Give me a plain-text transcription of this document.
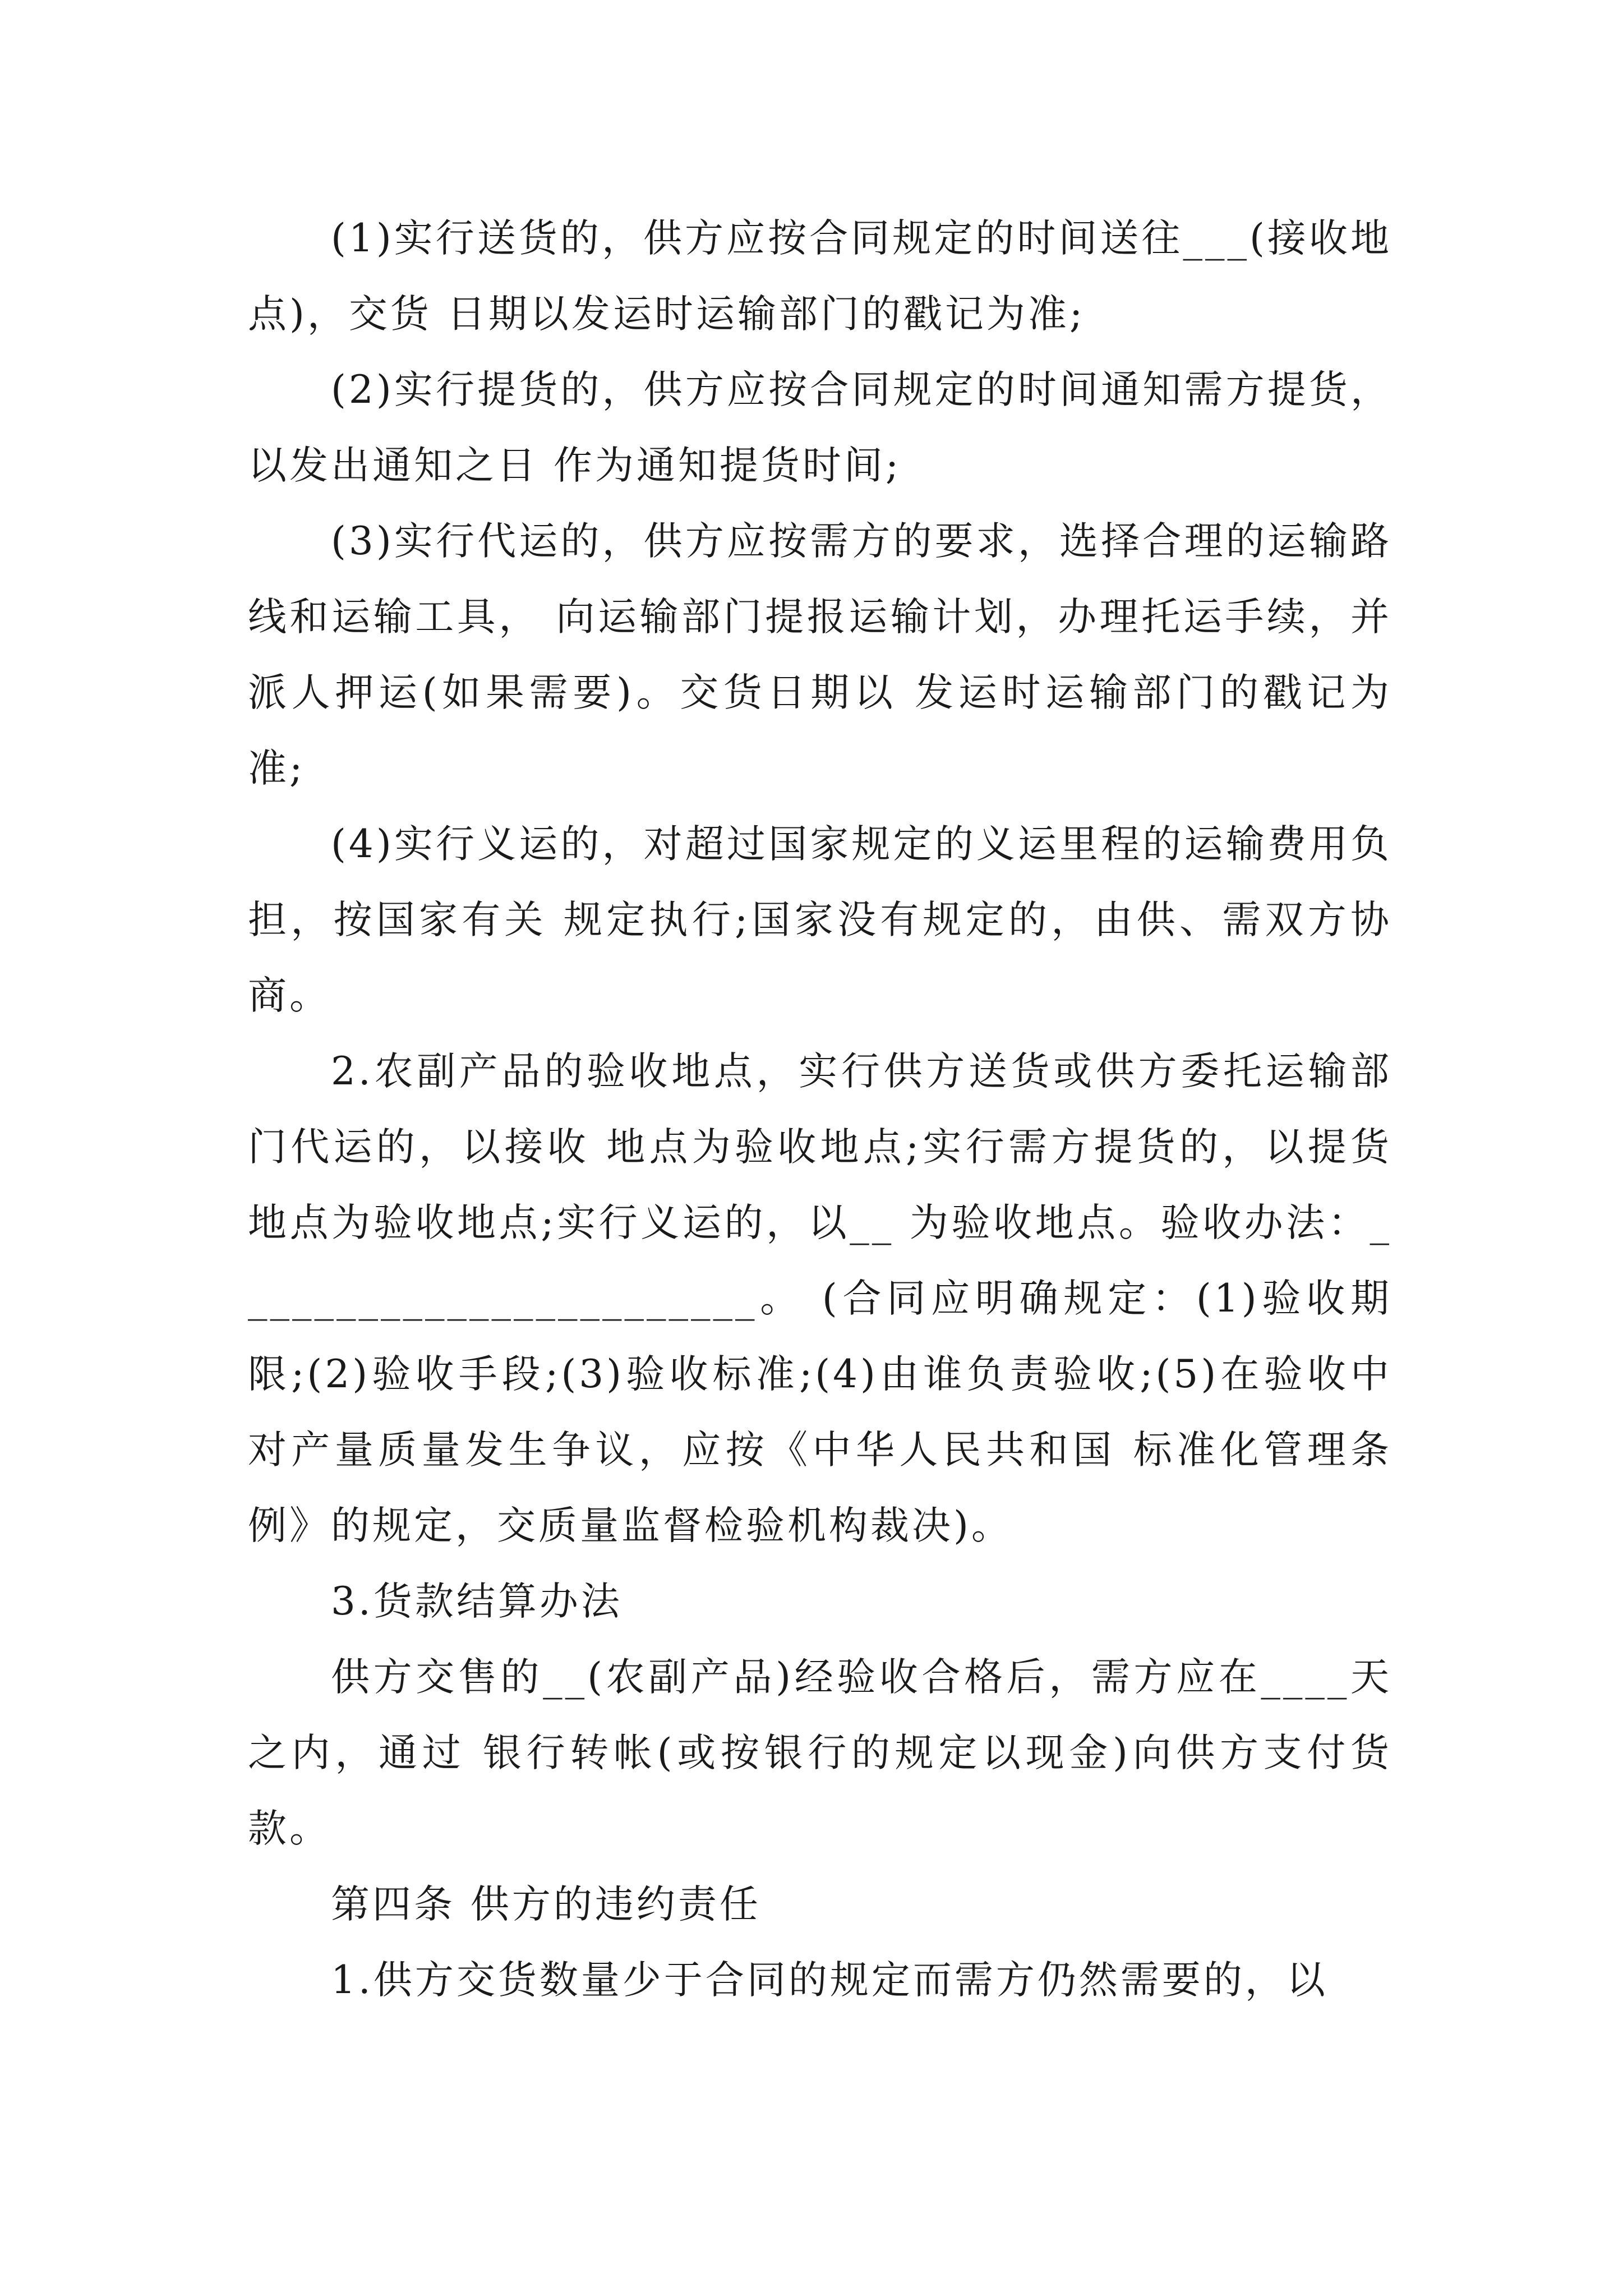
(1)实行送货的，供方应按合同规定的时间送往___(接收地点)，交货 日期以发运时运输部门的戳记为准;

(2)实行提货的，供方应按合同规定的时间通知需方提货，以发出通知之日 作为通知提货时间;

(3)实行代运的，供方应按需方的要求，选择合理的运输路线和运输工具， 向运输部门提报运输计划，办理托运手续，并派人押运(如果需要)。交货日期以 发运时运输部门的戳记为准;

(4)实行义运的，对超过国家规定的义运里程的运输费用负担，按国家有关 规定执行;国家没有规定的，由供、需双方协商。

2.农副产品的验收地点，实行供方送货或供方委托运输部门代运的，以接收 地点为验收地点;实行需方提货的，以提货地点为验收地点;实行义运的，以__ 为验收地点。验收办法：________________________。 (合同应明确规定：(1)验收期限;(2)验收手段;(3)验收标准;(4)由谁负责验收;(5)在验收中对产量质量发生争议，应按《中华人民共和国 标准化管理条例》的规定，交质量监督检验机构裁决)。

3.货款结算办法

供方交售的__(农副产品)经验收合格后，需方应在____天之内，通过 银行转帐(或按银行的规定以现金)向供方支付货款。

第四条 供方的违约责任

1.供方交货数量少于合同的规定而需方仍然需要的，以
